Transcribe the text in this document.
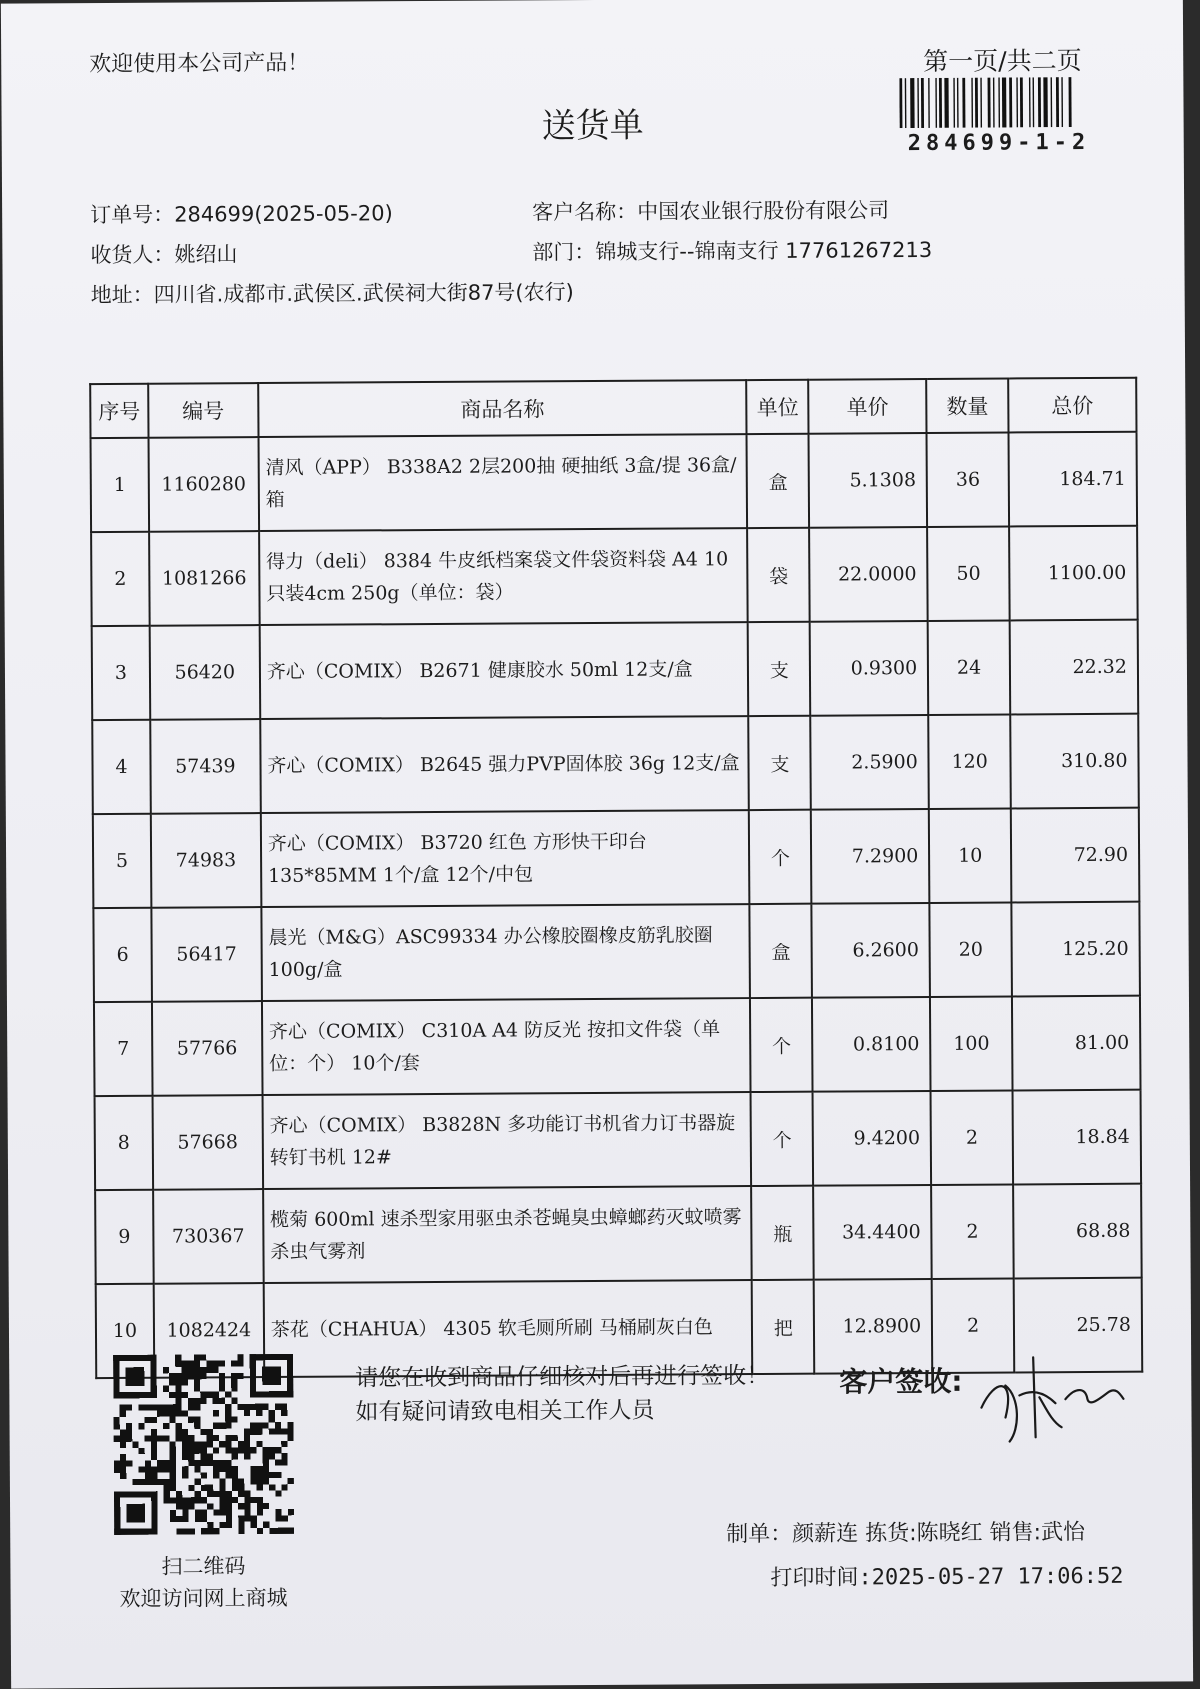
欢迎使用本公司产品！	第一页/共二页
284699-1-2
送货单
订单号：284699(2025-05-20)	客户名称：中国农业银行股份有限公司
收货人：姚绍山	部门：锦城支行--锦南支行 17761267213
地址：四川省.成都市.武侯区.武侯祠大街87号(农行)
序号	编号	商品名称	单位	单价	数量	总价
1	1160280	清风（APP） B338A2 2层200抽 硬抽纸 3盒/提 36盒/箱	盒	5.1308	36	184.71
2	1081266	得力（deli） 8384 牛皮纸档案袋文件袋资料袋 A4 10只装4cm 250g（单位：袋）	袋	22.0000	50	1100.00
3	56420	齐心（COMIX） B2671 健康胶水 50ml 12支/盒	支	0.9300	24	22.32
4	57439	齐心（COMIX） B2645 强力PVP固体胶 36g 12支/盒	支	2.5900	120	310.80
5	74983	齐心（COMIX） B3720 红色 方形快干印台 135*85MM 1个/盒 12个/中包	个	7.2900	10	72.90
6	56417	晨光（M&G）ASC99334 办公橡胶圈橡皮筋乳胶圈100g/盒	盒	6.2600	20	125.20
7	57766	齐心（COMIX） C310A A4 防反光 按扣文件袋（单位：个） 10个/套	个	0.8100	100	81.00
8	57668	齐心（COMIX） B3828N 多功能订书机省力订书器旋转钉书机 12#	个	9.4200	2	18.84
9	730367	榄菊 600ml 速杀型家用驱虫杀苍蝇臭虫蟑螂药灭蚊喷雾杀虫气雾剂	瓶	34.4400	2	68.88
10	1082424	茶花（CHAHUA） 4305 软毛厕所刷 马桶刷灰白色	把	12.8900	2	25.78
扫二维码
欢迎访问网上商城
请您在收到商品仔细核对后再进行签收！如有疑问请致电相关工作人员
客户签收:
制单：颜薪连 拣货:陈晓红 销售:武怡
打印时间:2025-05-27 17:06:52
